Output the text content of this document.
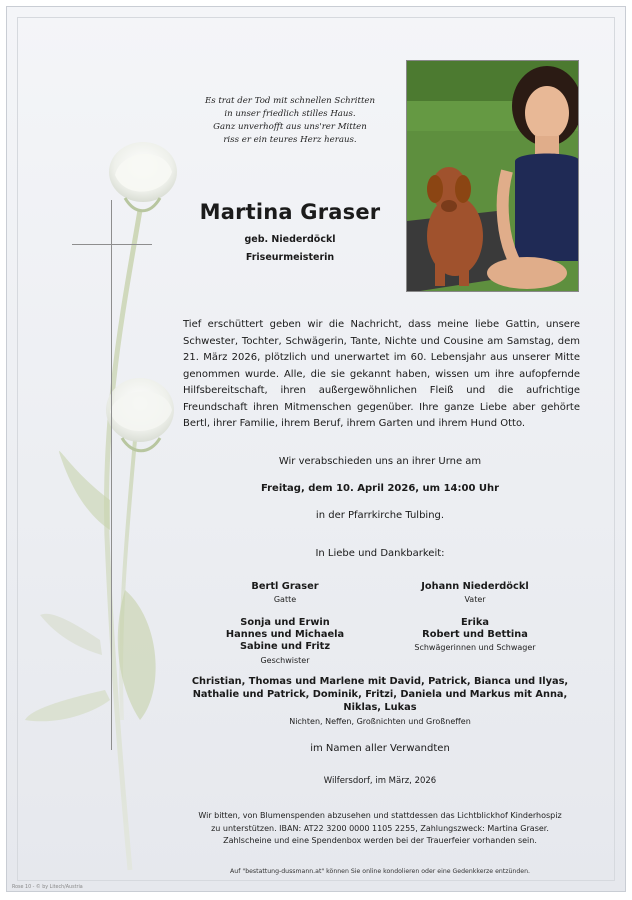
Es trat der Tod mit schnellen Schritten
in unser friedlich stilles Haus.
Ganz unverhofft aus uns'rer Mitten
riss er ein teures Herz heraus.
Martina Graser
geb. Niederdöckl
Friseurmeisterin
Tief erschüttert geben wir die Nachricht, dass meine liebe Gattin, unsere Schwester, Tochter, Schwägerin, Tante, Nichte und Cousine am Samstag, dem 21. März 2026, plötzlich und unerwartet im 60. Lebensjahr aus unserer Mitte genommen wurde. Alle, die sie gekannt haben, wissen um ihre aufopfernde Hilfsbereitschaft, ihren außergewöhnlichen Fleiß und die aufrichtige Freundschaft ihren Mitmenschen gegenüber. Ihre ganze Liebe aber gehörte Bertl, ihrer Familie, ihrem Beruf, ihrem Garten und ihrem Hund Otto.
Wir verabschieden uns an ihrer Urne am
Freitag, dem 10. April 2026, um 14:00 Uhr
in der Pfarrkirche Tulbing.
In Liebe und Dankbarkeit:
Bertl Graser
Gatte
Johann Niederdöckl
Vater
Sonja und Erwin
Hannes und Michaela
Sabine und Fritz
Geschwister
Erika
Robert und Bettina
Schwägerinnen und Schwager
Christian, Thomas und Marlene mit David, Patrick, Bianca und Ilyas,
Nathalie und Patrick, Dominik, Fritzi, Daniela und Markus mit Anna,
Niklas, Lukas
Nichten, Neffen, Großnichten und Großneffen
im Namen aller Verwandten
Wilfersdorf, im März, 2026
Wir bitten, von Blumenspenden abzusehen und stattdessen das Lichtblickhof Kinderhospiz
zu unterstützen. IBAN: AT22 3200 0000 1105 2255, Zahlungszweck: Martina Graser.
Zahlscheine und eine Spendenbox werden bei der Trauerfeier vorhanden sein.
Auf "bestattung-dussmann.at" können Sie online kondolieren oder eine Gedenkkerze entzünden.
Rose 10 - © by Litech/Austria
